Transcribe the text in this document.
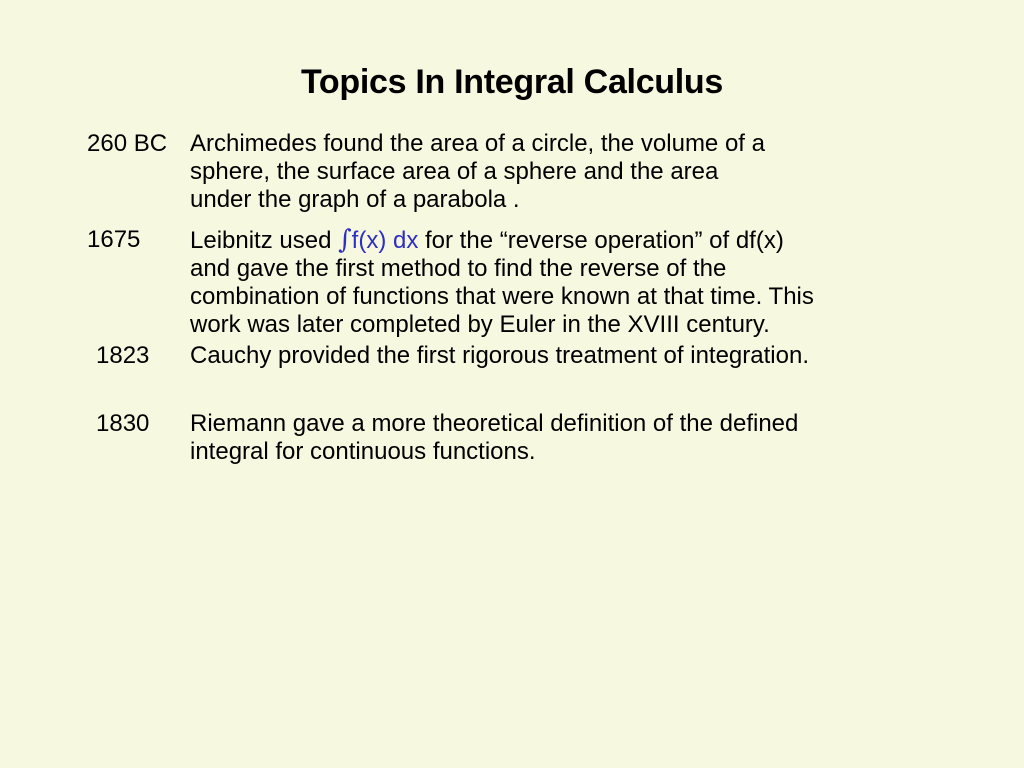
Topics In Integral Calculus
260 BC Archimedes found the area of a circle, the volume of a
sphere, the surface area of a sphere and the area
under the graph of a parabola .
1675 Leibnitz used ∫f(x) dx for the “reverse operation” of df(x)
and gave the first method to find the reverse of the
combination of functions that were known at that time. This
work was later completed by Euler in the XVIII century.
1823 Cauchy provided the first rigorous treatment of integration.
1830 Riemann gave a more theoretical definition of the defined
integral for continuous functions.
